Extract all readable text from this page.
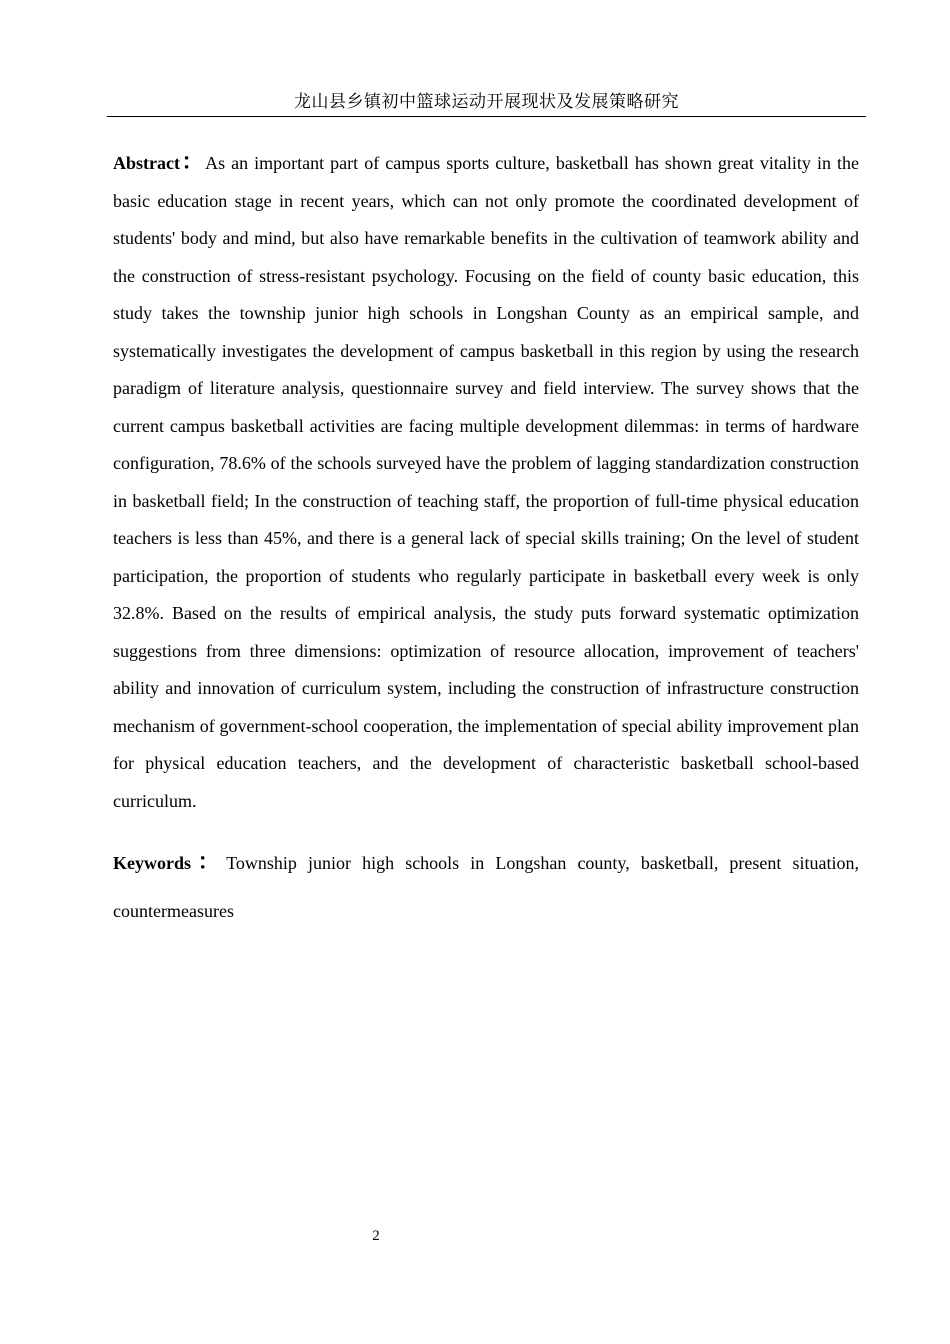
龙山县乡镇初中篮球运动开展现状及发展策略研究

Abstract：As an important part of campus sports culture, basketball has shown great vitality in the basic education stage in recent years, which can not only promote the coordinated development of students' body and mind, but also have remarkable benefits in the cultivation of teamwork ability and the construction of stress-resistant psychology. Focusing on the field of county basic education, this study takes the township junior high schools in Longshan County as an empirical sample, and systematically investigates the development of campus basketball in this region by using the research paradigm of literature analysis, questionnaire survey and field interview. The survey shows that the current campus basketball activities are facing multiple development dilemmas: in terms of hardware configuration, 78.6% of the schools surveyed have the problem of lagging standardization construction in basketball field; In the construction of teaching staff, the proportion of full-time physical education teachers is less than 45%, and there is a general lack of special skills training; On the level of student participation, the proportion of students who regularly participate in basketball every week is only 32.8%. Based on the results of empirical analysis, the study puts forward systematic optimization suggestions from three dimensions: optimization of resource allocation, improvement of teachers' ability and innovation of curriculum system, including the construction of infrastructure construction mechanism of government-school cooperation, the implementation of special ability improvement plan for physical education teachers, and the development of characteristic basketball school-based curriculum.

Keywords：Township junior high schools in Longshan county, basketball, present situation, countermeasures

2
